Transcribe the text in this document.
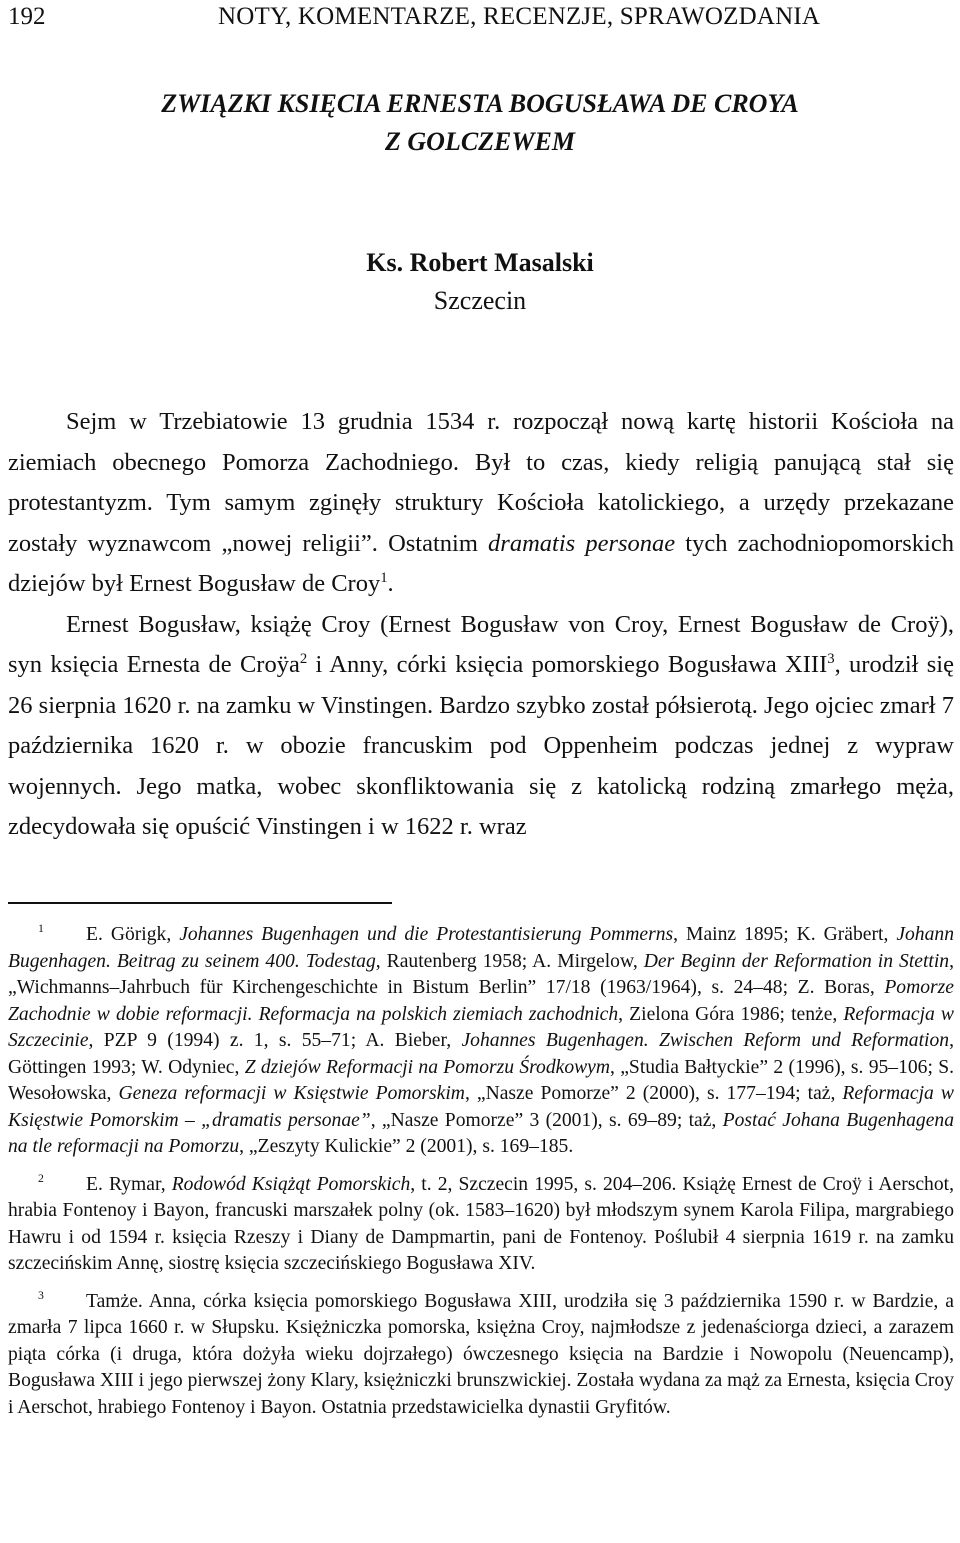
192	NOTY, KOMENTARZE, RECENZJE, SPRAWOZDANIA
ZWIĄZKI KSIĘCIA ERNESTA BOGUSŁAWA DE CROYA
Z GOLCZEWEM
Ks. Robert Masalski
Szczecin

Sejm w Trzebiatowie 13 grudnia 1534 r. rozpoczął nową kartę historii Kościoła na ziemiach obecnego Pomorza Zachodniego. Był to czas, kiedy religią panującą stał się protestantyzm. Tym samym zginęły struktury Kościoła katolickiego, a urzędy przekazane zostały wyznawcom „nowej religii”. Ostatnim dramatis personae tych zachodniopomorskich dziejów był Ernest Bogusław de Croy$^1$.

Ernest Bogusław, książę Croy (Ernest Bogusław von Croy, Ernest Bogusław de Croÿ), syn księcia Ernesta de Croÿa$^2$ i Anny, córki księcia pomorskiego Bogusława XIII$^3$, urodził się 26 sierpnia 1620 r. na zamku w Vinstingen. Bardzo szybko został półsierotą. Jego ojciec zmarł 7 października 1620 r. w obozie francuskim pod Oppenheim podczas jednej z wypraw wojennych. Jego matka, wobec skonfliktowania się z katolicką rodziną zmarłego męża, zdecydowała się opuścić Vinstingen i w 1622 r. wraz

$^1$ E. Görigk, Johannes Bugenhagen und die Protestantisierung Pommerns, Mainz 1895; K. Gräbert, Johann Bugenhagen. Beitrag zu seinem 400. Todestag, Rautenberg 1958; A. Mirgelow, Der Beginn der Reformation in Stettin, „Wichmanns–Jahrbuch für Kirchengeschichte in Bistum Berlin” 17/18 (1963/1964), s. 24–48; Z. Boras, Pomorze Zachodnie w dobie reformacji. Reformacja na polskich ziemiach zachodnich, Zielona Góra 1986; tenże, Reformacja w Szczecinie, PZP 9 (1994) z. 1, s. 55–71; A. Bieber, Johannes Bugenhagen. Zwischen Reform und Reformation, Göttingen 1993; W. Odyniec, Z dziejów Reformacji na Pomorzu Środkowym, „Studia Bałtyckie” 2 (1996), s. 95–106; S. Wesołowska, Geneza reformacji w Księstwie Pomorskim, „Nasze Pomorze” 2 (2000), s. 177–194; taż, Reformacja w Księstwie Pomorskim – „dramatis personae”, „Nasze Pomorze” 3 (2001), s. 69–89; taż, Postać Johana Bugenhagena na tle reformacji na Pomorzu, „Zeszyty Kulickie” 2 (2001), s. 169–185.

$^2$ E. Rymar, Rodowód Książąt Pomorskich, t. 2, Szczecin 1995, s. 204–206. Książę Ernest de Croÿ i Aerschot, hrabia Fontenoy i Bayon, francuski marszałek polny (ok. 1583–1620) był młodszym synem Karola Filipa, margrabiego Hawru i od 1594 r. księcia Rzeszy i Diany de Dampmartin, pani de Fontenoy. Poślubił 4 sierpnia 1619 r. na zamku szczecińskim Annę, siostrę księcia szczecińskiego Bogusława XIV.

$^3$ Tamże. Anna, córka księcia pomorskiego Bogusława XIII, urodziła się 3 października 1590 r. w Bardzie, a zmarła 7 lipca 1660 r. w Słupsku. Księżniczka pomorska, księżna Croy, najmłodsze z jedenaściorga dzieci, a zarazem piąta córka (i druga, która dożyła wieku dojrzałego) ówczesnego księcia na Bardzie i Nowopolu (Neuencamp), Bogusława XIII i jego pierwszej żony Klary, księżniczki brunszwickiej. Została wydana za mąż za Ernesta, księcia Croy i Aerschot, hrabiego Fontenoy i Bayon. Ostatnia przedstawicielka dynastii Gryfitów.
